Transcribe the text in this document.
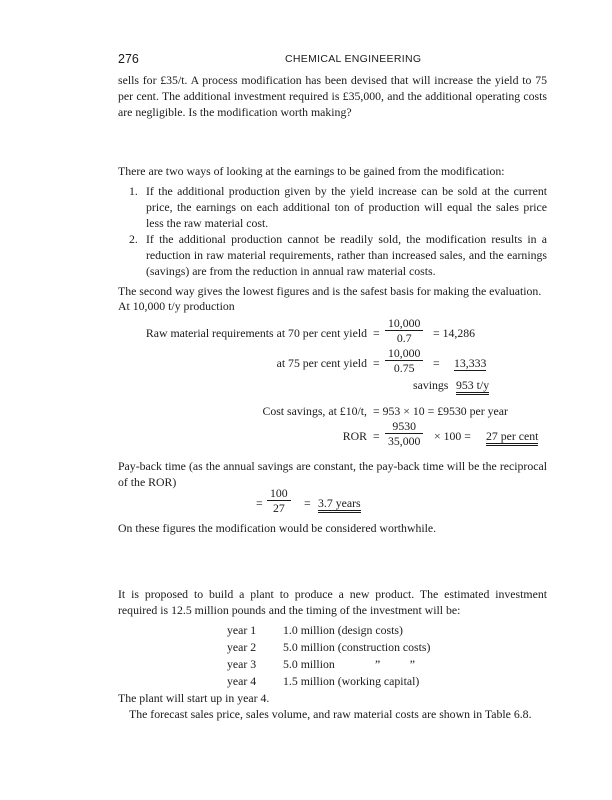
276	CHEMICAL ENGINEERING
sells for £35/t. A process modification has been devised that will increase the yield to 75 per cent. The additional investment required is £35,000, and the additional operating costs are negligible. Is the modification worth making?
There are two ways of looking at the earnings to be gained from the modification:
1. If the additional production given by the yield increase can be sold at the current price, the earnings on each additional ton of production will equal the sales price less the raw material cost.
2. If the additional production cannot be readily sold, the modification results in a reduction in raw material requirements, rather than increased sales, and the earnings (savings) are from the reduction in annual raw material costs.
The second way gives the lowest figures and is the safest basis for making the evaluation.
At 10,000 t/y production
Raw material requirements at 70 per cent yield = $\frac{10,000}{0.7} = 14,286$
at 75 per cent yield = $\frac{10,000}{0.75} = 13,333$
savings 953 t/y
Cost savings, at £10/t, = 953 × 10 = £9530 per year
ROR = $\frac{9530}{35,000} \times 100 = 27$ per cent
Pay-back time (as the annual savings are constant, the pay-back time will be the reciprocal of the ROR)
= $\frac{100}{27} = 3.7$ years
On these figures the modification would be considered worthwhile.
It is proposed to build a plant to produce a new product. The estimated investment required is 12.5 million pounds and the timing of the investment will be:
year 1 1.0 million (design costs)
year 2 5.0 million (construction costs)
year 3 5.0 million	”          ”
year 4 1.5 million (working capital)
The plant will start up in year 4.
The forecast sales price, sales volume, and raw material costs are shown in Table 6.8.
